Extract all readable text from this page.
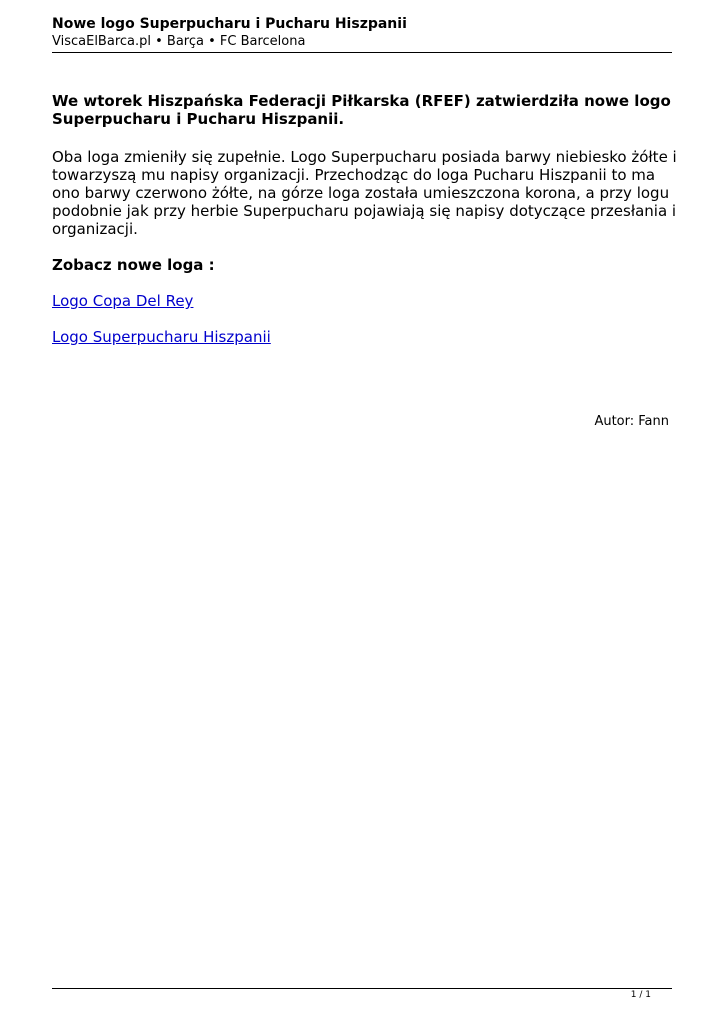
Nowe logo Superpucharu i Pucharu Hiszpanii

ViscaElBarca.pl • Barça • FC Barcelona

We wtorek Hiszpańska Federacji Piłkarska (RFEF) zatwierdziła nowe logo Superpucharu i Pucharu Hiszpanii.

Oba loga zmieniły się zupełnie. Logo Superpucharu posiada barwy niebiesko żółte i towarzyszą mu napisy organizacji. Przechodząc do loga Pucharu Hiszpanii to ma ono barwy czerwono żółte, na górze loga została umieszczona korona, a przy logu podobnie jak przy herbie Superpucharu pojawiają się napisy dotyczące przesłania i organizacji.

Zobacz nowe loga :

Logo Copa Del Rey

Logo Superpucharu Hiszpanii

Autor: Fann
1 / 1
